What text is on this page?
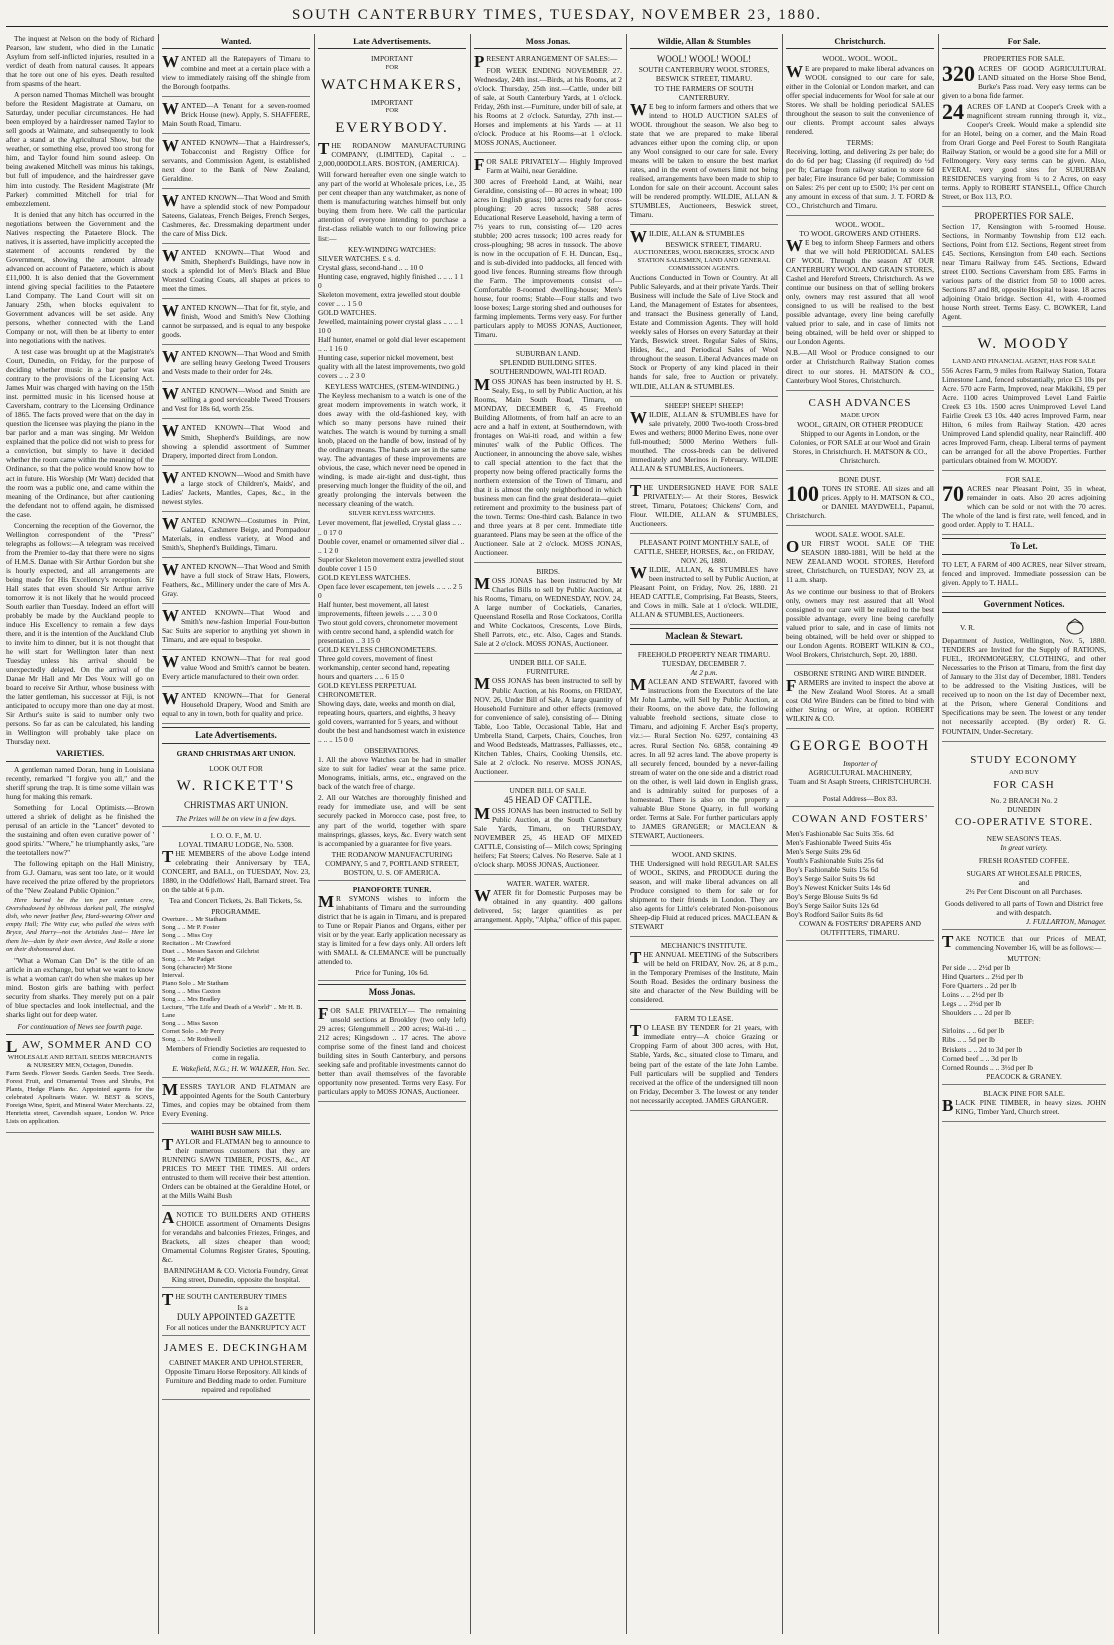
SOUTH CANTERBURY TIMES, TUESDAY, NOVEMBER 23, 1880.

The inquest at Nelson on the body of Richard Pearson, law student, who died in the Lunatic Asylum from self-inflicted injuries, resulted in a verdict of death from natural causes. It appears that he tore out one of his eyes. Death resulted from spasms of the heart.

A person named Thomas Mitchell was brought before the Resident Magistrate at Oamaru, on Saturday, under peculiar circumstances. He had been employed by a hairdresser named Taylor to sell goods at Waimate, and subsequently to look after a stand at the Agricultural Show, but the weather, or something else, proved too strong for him, and Taylor found him sound asleep. On being awakened Mitchell was minus his takings, but full of impudence, and the hairdresser gave him into custody. The Resident Magistrate (Mr Parker) committed Mitchell for trial for embezzlement.

It is denied that any hitch has occurred in the negotiations between the Government and the Natives respecting the Pataetere Block. The natives, it is asserted, have implicitly accepted the statement of accounts rendered by the Government, showing the amount already advanced on account of Pataetere, which is about £11,000. It is also denied that the Government intend giving special facilities to the Pataetere Land Company. The Land Court will sit on January 25th, when blocks equivalent to Government advances will be set aside. Any persons, whether connected with the Land Company or not, will then be at liberty to enter into negotiations with the natives.

A test case was brought up at the Magistrate's Court, Dunedin, on Friday, for the purpose of deciding whether music in a bar parlor was contrary to the provisions of the Licensing Act. James Muir was charged with having on the 15th inst. permitted music in his licensed house at Caversham, contrary to the Licensing Ordinance of 1865. The facts proved were that on the day in question the licensee was playing the piano in the bar parlor and a man was singing. Mr Weldon explained that the police did not wish to press for a conviction, but simply to have it decided whether the room came within the meaning of the Ordinance, so that the police would know how to act in future. His Worship (Mr Watt) decided that the room was a public one, and came within the meaning of the Ordinance, but after cautioning the defendant not to offend again, he dismissed the case.

Concerning the reception of the Governor, the Wellington correspondent of the "Press" telegraphs as follows:—A telegram was received from the Premier to-day that there were no signs of H.M.S. Danae with Sir Arthur Gordon but she is hourly expected, and all arrangements are being made for His Excellency's reception. Sir Hall states that even should Sir Arthur arrive tomorrow it is not likely that he would proceed South earlier than Tuesday. Indeed an effort will probably be made by the Auckland people to induce His Excellency to remain a few days there, and it is the intention of the Auckland Club to invite him to dinner, but it is not thought that he will start for Wellington later than next Tuesday unless his arrival should be unexpectedly delayed. On the arrival of the Danae Mr Hall and Mr Des Voux will go on board to receive Sir Arthur, whose business with the latter gentleman, his successor at Fiji, is not anticipated to occupy more than one day at most. Sir Arthur's suite is said to number only two persons. So far as can be calculated, his landing in Wellington will probably take place on Thursday next.

VARIETIES.

A gentleman named Doran, hung in Louisiana recently, remarked "I forgive you all," and the sheriff sprung the trap. It is time some villain was hung for making this remark.

Something for Local Optimists.—Brown uttered a shriek of delight as he finished the perusal of an article in the "Lancet" devoted to the sustaining and often even curative power of ' good spirits.' "Where," he triumphantly asks, "are the teetotallers now?"

The following epitaph on the Hall Ministry, from G.J. Oamaru, was sent too late, or it would have received the prize offered by the proprietors of the "New Zealand Public Opinion."

Here buried be the ten per centum crew, Overshadowed by oblivious darkest pall, The mingled dish, who never feather flew, Hard-wearing Oliver and empty Hall; The Witty cur, who pulled the wires with Bryce, And Harry—not the Aristides Just— Here let them lie—dain by their own device, And Rolle a stone on their dishonoured dust.

"What a Woman Can Do" is the title of an article in an exchange, but what we want to know is what a woman can't do when she makes up her mind. Boston girls are bathing with perfect security from sharks. They merely put on a pair of blue spectacles and look intellectual, and the sharks light out for deep water.

For continuation of News see fourth page.
LAW, SOMMER AND CO
WHOLESALE AND RETAIL SEEDS MERCHANTS & NURSERY MEN, Octagon, Dunedin.

Farm Seeds. Flower Seeds. Garden Seeds. Tree Seeds. Forest Fruit, and Ornamental Trees and Shrubs, Pot Plants, Hedge Plants &c. Appointed agents for the celebrated Apolinaris Water. W. BEST & SONS, Foreign Wine, Spirit, and Mineral Water Merchants. 22, Henrietta street, Cavendish square, London W. Price Lists on application.

Wanted.

WANTED all the Ratepayers of Timaru to combine and meet at a certain place with a view to immediately raising off the shingle from the Borough footpaths.

WANTED—A Tenant for a seven-roomed Brick House (new). Apply, S. SHAFFERE, Main South Road, Timaru.

WANTED KNOWN—That a Hairdresser's, Tobacconist and Registry Office for servants, and Commission Agent, is established next door to the Bank of New Zealand, Geraldine.

WANTED KNOWN—That Wood and Smith have a splendid stock of new Pompadour Sateens, Galateas, French Beiges, French Serges, Cashmeres, &c. Dressmaking department under the care of Miss Dick.

WANTED KNOWN—That Wood and Smith, Shepherd's Buildings, have now in stock a splendid lot of Men's Black and Blue Worsted Coating Coats, all shapes at prices to meet the times.

WANTED KNOWN—That for fit, style, and finish, Wood and Smith's New Clothing cannot be surpassed, and is equal to any bespoke goods.

WANTED KNOWN—That Wood and Smith are selling heavy Geelong Tweed Trousers and Vests made to their order for 24s.

WANTED KNOWN—Wood and Smith are selling a good serviceable Tweed Trousers and Vest for 18s 6d, worth 25s.

WANTED KNOWN—That Wood and Smith, Shepherd's Buildings, are now showing a splendid assortment of Summer Drapery, imported direct from London.

WANTED KNOWN—Wood and Smith have a large stock of Children's, Maids', and Ladies' Jackets, Mantles, Capes, &c., in the newest styles.

WANTED KNOWN—Costumes in Print, Galatea, Cashmere Beige, and Pompadour Materials, in endless variety, at Wood and Smith's, Shepherd's Buildings, Timaru.

WANTED KNOWN—That Wood and Smith have a full stock of Straw Hats, Flowers, Feathers, &c., Millinery under the care of Mrs A. Gray.

WANTED KNOWN—That Wood and Smith's new-fashion Imperial Four-button Sac Suits are superior to anything yet shown in Timaru, and are equal to bespoke.

WANTED KNOWN—That for real good value Wood and Smith's cannot be beaten. Every article manufactured to their own order.

WANTED KNOWN—That for General Household Drapery, Wood and Smith are equal to any in town, both for quality and price.

Late Advertisements.
GRAND CHRISTMAS ART UNION.
LOOK OUT FOR
W. RICKETT'S
CHRISTMAS ART UNION.
The Prizes will be on view in a few days.
I. O. O. F., M. U.
LOYAL TIMARU LODGE, No. 5308.

THE MEMBERS of the above Lodge intend celebrating their Anniversary by TEA, CONCERT, and BALL, on TUESDAY, Nov. 23, 1880, in the Oddfellows' Hall, Barnard street. Tea on the table at 6 p.m.

Tea and Concert Tickets, 2s. Ball Tickets, 5s.
PROGRAMME.
Overture.. .. Mr Statham
Song .. .. Mr P. Foster
Song .. .. Miss Coy
Recitation .. Mr Crawford
Duet .. .. Messrs Saxon and Gilchrist
Song .. .. Mr Padget
Song (character) Mr Stone
Interval.
Piano Solo .. Mr Statham
Song .. .. Miss Caxton
Song .. .. Mrs Bradley
Lecture, "The Life and Death of a World" .. Mr H. B. Lane
Song .. .. Miss Saxon
Cornet Solo .. Mr Perry
Song .. .. Mr Rothwell

Members of Friendly Societies are requested to come in regalia.

E. Wakefield, N.G.; H. W. WALKER, Hon. Sec.

MESSRS TAYLOR AND FLATMAN are appointed Agents for the South Canterbury Times, and copies may be obtained from them Every Evening.

WAIHI BUSH SAW MILLS.

TAYLOR and FLATMAN beg to announce to their numerous customers that they are RUNNING SAWN TIMBER, POSTS, &c., AT PRICES TO MEET THE TIMES. All orders entrusted to them will receive their best attention. Orders can be obtained at the Geraldine Hotel, or at the Mills Waihi Bush

ANOTICE TO BUILDERS AND OTHERS CHOICE assortment of Ornaments Designs for verandahs and balconies Friezes, Fringes, and Brackets, all sizes cheaper than wood; Ornamental Columns Register Grates, Spouting, &c.

BARNINGHAM & CO. Victoria Foundry, Great King street, Dunedin, opposite the hospital.

THE SOUTH CANTERBURY TIMES

Is a
DULY APPOINTED GAZETTE
For all notices under the BANKRUPTCY ACT
JAMES E. DECKINGHAM

CABINET MAKER AND UPHOLSTERER, Opposite Timaru Horse Repository. All kinds of Furniture and Bedding made to order. Furniture repaired and repolished

Late Advertisements.
IMPORTANT
FOR
WATCHMAKERS,
IMPORTANT
FOR
EVERYBODY.

THE RODANOW MANUFACTURING COMPANY, (LIMITED), Capital .. .. 2,000,000DOLLARS. BOSTON, (AMERICA).

Will forward hereafter even one single watch to any part of the world at Wholesale prices, i.e., 35 per cent cheaper than any watchmaker, as none of them is manufacturing watches himself but only buying them from here. We call the particular attention of everyone intending to purchase a first-class reliable watch to our following price list:—

KEY-WINDING WATCHES:
SILVER WATCHES. £ s. d.
Crystal glass, second-hand .. .. 10 0
Hunting case, engraved, highly finished .. .. .. 1 1 0
Skeleton movement, extra jewelled stout double cover .. .. 1 5 0
GOLD WATCHES.
Jewelled, maintaining power crystal glass .. .. .. 1 10 0
Half hunter, enamel or gold dial lever escapement .. .. 1 16 0
Hunting case, superior nickel movement, best quality with all the latest improvements, two gold covers .. .. 2 3 0
KEYLESS WATCHES, (STEM-WINDING.)

The Keyless mechanism to a watch is one of the great modern improvements in watch work, it does away with the old-fashioned key, with which so many persons have ruined their watches. The watch is wound by turning a small knob, placed on the handle of bow, instead of by the ordinary means. The hands are set in the same way. The advantages of these improvements are obvious, the case, which never need be opened in winding, is made air-tight and dust-tight, thus preserving much longer the fluidity of the oil, and greatly prolonging the intervals between the necessary cleaning of the watch.

SILVER KEYLESS WATCHES.
Lever movement, flat jewelled, Crystal glass .. .. .. 0 17 0
Double cover, enamel or ornamented silver dial .. .. 1 2 0
Superior Skeleton movement extra jewelled stout double cover 1 15 0
GOLD KEYLESS WATCHES.
Open face lever escapement, ten jewels .. .. .. 2 5 0
Half hunter, best movement, all latest improvements, fifteen jewels .. .. .. 3 0 0
Two stout gold covers, chronometer movement with centre second hand, a splendid watch for presentation .. 3 15 0
GOLD KEYLESS CHRONOMETERS.
Three gold covers, movement of finest workmanship, center second hand, repeating hours and quarters .. .. 6 15 0
GOLD KEYLESS PERPETUAL CHRONOMETER.
Showing days, date, weeks and month on dial, repeating hours, quarters, and eighths, 3 heavy gold covers, warranted for 5 years, and without doubt the best and handsomest watch in existence .. .. .. 15 0 0
OBSERVATIONS.

1. All the above Watches can be had in smaller size to suit for ladies' wear at the same price. Monograms, initials, arms, etc., engraved on the back of the watch free of charge.

2. All our Watches are thoroughly finished and ready for immediate use, and will be sent securely packed in Morocco case, post free, to any part of the world, together with spare mainsprings, glasses, keys, &c. Every watch sent is accompanied by a guarantee for five years.

THE RODANOW MANUFACTURING COMPANY, 5 and 7, PORTLAND STREET, BOSTON, U. S. OF AMERICA.
PIANOFORTE TUNER.

M R SYMONS wishes to inform the inhabitants of Timaru and the surrounding district that he is again in Timaru, and is prepared to Tune or Repair Pianos and Organs, either per visit or by the year. Early application necessary as stay is limited for a few days only. All orders left with SMALL & CLEMANCE will be punctually attended to.

Price for Tuning, 10s 6d.
Moss Jonas.

FOR SALE PRIVATELY— The remaining unsold sections at Brookley (two only left) 29 acres; Glengummell .. 200 acres; Wai-iti .. .. 212 acres; Kingsdown .. 17 acres. The above comprise some of the finest land and choicest building sites in South Canterbury, and persons seeking safe and profitable investments cannot do better than avail themselves of the favorable opportunity now presented. Terms very Easy. For particulars apply to MOSS JONAS, Auctioneer.

Moss Jonas.

PRESENT ARRANGEMENT OF SALES:—

FOR WEEK ENDING NOVEMBER 27. Wednesday, 24th inst.—Birds, at his Rooms, at 2 o'clock. Thursday, 25th inst.—Cattle, under bill of sale, at South Canterbury Yards, at 1 o'clock. Friday, 26th inst.—Furniture, under bill of sale, at his Rooms at 2 o'clock. Saturday, 27th inst.—Horses and implements at his Yards — at 11 o'clock. Produce at his Rooms—at 1 o'clock. MOSS JONAS, Auctioneer.

FOR SALE PRIVATELY— Highly Improved Farm at Waihi, near Geraldine.

300 acres of Freehold Land, at Waihi, near Geraldine, consisting of— 80 acres in wheat; 100 acres in English grass; 100 acres ready for cross-ploughing; 20 acres tussock; 588 acres Educational Reserve Leasehold, having a term of 7½ years to run, consisting of— 120 acres stubble; 200 acres tussock; 100 acres ready for cross-ploughing; 98 acres in tussock. The above is now in the occupation of F. H. Duncan, Esq., and is sub-divided into paddocks, all fenced with good live fences. Running streams flow through the Farm. The improvements consist of— Comfortable 8-roomed dwelling-house; Men's house, four rooms; Stable—Four stalls and two loose boxes; Large storing shed and outhouses for farming implements. Terms very easy. For further particulars apply to MOSS JONAS, Auctioneer, Timaru.

SUBURBAN LAND.
SPLENDID BUILDING SITES.
SOUTHERNDOWN, WAI-ITI ROAD.

MOSS JONAS has been instructed by H. S. Sealy, Esq., to sell by Public Auction, at his Rooms, Main South Road, Timaru, on MONDAY, DECEMBER 6, 45 Freehold Building Allotments, of from half an acre to an acre and a half in extent, at Southerndown, with frontages on Wai-iti road, and within a few minutes' walk of the Public Offices. The Auctioneer, in announcing the above sale, wishes to call special attention to the fact that the property now being offered practically forms the northern extension of the Town of Timaru, and that it is almost the only neighborhood in which business men can find the great desiderata—quiet retirement and proximity to the business part of the town. Terms: One-third cash. Balance in two and three years at 8 per cent. Immediate title guaranteed. Plans may be seen at the office of the Auctioneer. Sale at 2 o'clock. MOSS JONAS, Auctioneer.

BIRDS.

MOSS JONAS has been instructed by Mr Charles Bills to sell by Public Auction, at his Rooms, Timaru, on WEDNESDAY, NOV. 24, A large number of Cockatiels, Canaries, Queensland Rosella and Rose Cockatoos, Corilla and White Cockatoos, Crescents, Love Birds, Shell Parrots, etc., etc. Also, Cages and Stands. Sale at 2 o'clock. MOSS JONAS, Auctioneer.

UNDER BILL OF SALE.
FURNITURE.

MOSS JONAS has been instructed to sell by Public Auction, at his Rooms, on FRIDAY, NOV. 26, Under Bill of Sale, A large quantity of Household Furniture and other effects (removed for convenience of sale), consisting of— Dining Table, Loo Table, Occasional Table, Hat and Umbrella Stand, Carpets, Chairs, Couches, Iron and Wood Bedsteads, Mattrasses, Palliasses, etc., Kitchen Tables, Chairs, Cooking Utensils, etc. Sale at 2 o'clock. No reserve. MOSS JONAS, Auctioneer.

UNDER BILL OF SALE.
45 HEAD OF CATTLE.

MOSS JONAS has been instructed to Sell by Public Auction, at the South Canterbury Sale Yards, Timaru, on THURSDAY, NOVEMBER 25, 45 HEAD OF MIXED CATTLE, Consisting of— Milch cows; Springing heifers; Fat Steers; Calves. No Reserve. Sale at 1 o'clock sharp. MOSS JONAS, Auctioneer.

WATER. WATER. WATER.

WATER fit for Domestic Purposes may be obtained in any quantity. 400 gallons delivered, 5s; larger quantities as per arrangement. Apply, "Alpha," office of this paper.

Wildie, Allan & Stumbles
WOOL! WOOL! WOOL!
SOUTH CANTERBURY WOOL STORES, BESWICK STREET, TIMARU.
TO THE FARMERS OF SOUTH CANTERBURY.

W E beg to inform farmers and others that we intend to HOLD AUCTION SALES of WOOL throughout the season. We also beg to state that we are prepared to make liberal advances either upon the coming clip, or upon any Wool consigned to our care for sale. Every means will be taken to ensure the best market rates, and in the event of owners limit not being realised, arrangements have been made to ship to London for sale on their account. Account sales will be rendered promptly. WILDIE, ALLAN & STUMBLES, Auctioneers, Beswick street, Timaru.

WILDIE, ALLAN & STUMBLES

BESWICK STREET, TIMARU.
AUCTIONEERS, WOOL BROKERS, STOCK AND STATION SALESMEN, LAND AND GENERAL COMMISSION AGENTS.

Auctions Conducted in Town or Country. At all Public Saleyards, and at their private Yards. Their Business will include the Sale of Live Stock and Land, the Management of Estates for absentees, and transact the Business generally of Land, Estate and Commission Agents. They will hold weekly sales of Horses on every Saturday at their Yards, Beswick street. Regular Sales of Skins, Hides, &c., and Periodical Sales of Wool throughout the season. Liberal Advances made on Stock or Property of any kind placed in their hands for sale, free to Auction or privately. WILDIE, ALLAN & STUMBLES.

SHEEP! SHEEP! SHEEP!

WILDIE, ALLAN & STUMBLES have for sale privately, 2000 Two-tooth Cross-bred Ewes and wethers; 8000 Merino Ewes, none over full-mouthed; 5000 Merino Wethers full-mouthed. The cross-breds can be delivered immediately and Merinos in February. WILDIE ALLAN & STUMBLES, Auctioneers.

THE UNDERSIGNED HAVE FOR SALE PRIVATELY:— At their Stores, Beswick street, Timaru, Potatoes; Chickens' Corn, and Flour. WILDIE, ALLAN & STUMBLES, Auctioneers.

PLEASANT POINT MONTHLY SALE, of CATTLE, SHEEP, HORSES, &c., on FRIDAY, NOV. 26, 1880.

WILDIE, ALLAN, & STUMBLES have been instructed to sell by Public Auction, at Pleasant Point, on Friday, Nov. 26, 1880. 21 HEAD CATTLE, Comprising, Fat Beasts, Steers, and Cows in milk. Sale at 1 o'clock. WILDIE, ALLAN & STUMBLES, Auctioneers.

Maclean & Stewart.
FREEHOLD PROPERTY NEAR TIMARU.
TUESDAY, DECEMBER 7.
At 2 p.m.

MACLEAN AND STEWART, favored with instructions from the Executors of the late Mr John Lambe, will Sell by Public Auction, at their Rooms, on the above date, the following valuable freehold sections, situate close to Timaru, and adjoining F. Archer Esq's property, viz.:— Rural Section No. 6297, containing 43 acres. Rural Section No. 6858, containing 49 acres. In all 92 acres land. The above property is all securely fenced, bounded by a never-failing stream of water on the one side and a district road on the other, is well laid down in English grass, and is admirably suited for purposes of a homestead. There is also on the property a valuable Blue Stone Quarry, in full working order. Terms at Sale. For further particulars apply to JAMES GRANGER; or MACLEAN & STEWART, Auctioneers.

WOOL AND SKINS.

THE Undersigned will hold REGULAR SALES of WOOL, SKINS, and PRODUCE during the season, and will make liberal advances on all Produce consigned to them for sale or for shipment to their friends in London. They are also agents for Little's celebrated Non-poisonous Sheep-dip Fluid at reduced prices. MACLEAN & STEWART

MECHANIC'S INSTITUTE.

THE ANNUAL MEETING of the Subscribers will be held on FRIDAY, Nov. 26, at 8 p.m., in the Temporary Premises of the Institute, Main South Road. Besides the ordinary business the site and character of the New Building will be considered.

FARM TO LEASE.

T O LEASE BY TENDER for 21 years, with immediate entry—A choice Grazing or Cropping Farm of about 300 acres, with Hut, Stable, Yards, &c., situated close to Timaru, and being part of the estate of the late John Lambe. Full particulars will be supplied and Tenders received at the office of the undersigned till noon on Friday, December 3. The lowest or any tender not necessarily accepted. JAMES GRANGER.

Christchurch.
WOOL. WOOL. WOOL.

W E are prepared to make liberal advances on WOOL consigned to our care for sale, either in the Colonial or London market, and can offer special inducements for Wool for sale at our Stores. We shall be holding periodical SALES throughout the season to suit the convenience of our clients. Prompt account sales always rendered.

TERMS:

Receiving, lotting, and delivering 2s per bale; do do do 6d per bag; Classing (if required) do ½d per fb; Cartage from railway station to store 6d per bale; Fire insurance 6d per bale; Commission on Sales: 2½ per cent up to £500; 1¼ per cent on any amount in excess of that sum. J. T. FORD & CO., Christchurch and Timaru.

WOOL. WOOL.
TO WOOL GROWERS AND OTHERS.

W E beg to inform Sheep Farmers and others that we will hold PERIODICAL SALES OF WOOL Through the season AT OUR CANTERBURY WOOL AND GRAIN STORES, Cashel and Hereford Streets, Christchurch. As we continue our business on that of selling brokers only, owners may rest assured that all wool consigned to us will be realised to the best possible advantage, every line being carefully valued prior to sale, and in case of limits not being obtained, will be held over or shipped to our London Agents.

N.B.—All Wool or Produce consigned to our order at Christchurch Railway Station comes direct to our stores. H. MATSON & CO., Canterbury Wool Stores, Christchurch.

CASH ADVANCES
MADE UPON

WOOL, GRAIN, OR OTHER PRODUCE Shipped to our Agents in London, or the Colonies, or FOR SALE at our Wool and Grain Stores, in Christchurch. H. MATSON & CO., Christchurch.

BONE DUST.

100 TONS IN STORE. All sizes and all prices. Apply to H. MATSON & CO., or DANIEL MAYDWELL, Papanui, Christchurch.

WOOL SALE. WOOL SALE.

OUR FIRST WOOL SALE OF THE SEASON 1880-1881, Will be held at the NEW ZEALAND WOOL STORES, Hereford street, Christchurch, on TUESDAY, NOV 23, at 11 a.m. sharp.

As we continue our business to that of Brokers only, owners may rest assured that all Wool consigned to our care will be realized to the best possible advantage, every line being carefully valued prior to sale, and in case of limits not being obtained, will be held over or shipped to our London Agents. ROBERT WILKIN & CO., Wool Brokers, Christchurch, Sept. 20, 1880.

OSBORNE STRING AND WIRE BINDER.

FARMERS are invited to inspect the above at the New Zealand Wool Stores. At a small cost Old Wire Binders can be fitted to bind with either String or Wire, at option. ROBERT WILKIN & CO.

GEORGE BOOTH
Importer of
AGRICULTURAL MACHINERY,
Tuam and St Asaph Streets, CHRISTCHURCH.
Postal Address—Box 83.
COWAN AND FOSTERS'
Men's Fashionable Sac Suits 35s. 6d
Men's Fashionable Tweed Suits 45s
Men's Serge Suits 29s 6d
Youth's Fashionable Suits 25s 6d
Boy's Fashionable Suits 15s 6d
Boy's Serge Sailor Suits 9s 6d
Boy's Newest Knicker Suits 14s 6d
Boy's Serge Blouse Suits 9s 6d
Boy's Serge Sailor Suits 12s 6d
Boy's Rodford Sailor Suits 8s 6d
COWAN & FOSTERS' DRAPERS AND OUTFITTERS, TIMARU.
For Sale.
PROPERTIES FOR SALE.

320 ACRES OF GOOD AGRICULTURAL LAND situated on the Horse Shoe Bend, Burke's Pass road. Very easy terms can be given to a bona fide farmer.

24 ACRES OF LAND at Cooper's Creek with a magnificent stream running through it, viz., Cooper's Creek. Would make a splendid site for an Hotel, being on a corner, and the Main Road from Orari Gorge and Peel Forest to South Rangitata Railway Station, or would be a good site for a Mill or Fellmongery. Very easy terms can be given. Also, EVERAL very good sites for SUBURBAN RESIDENCES varying from ¼ to 2 Acres, on easy terms. Apply to ROBERT STANSELL, Office Church Street, or Box 113, P.O.

PROPERTIES FOR SALE.

Section 17, Kensington with 5-roomed House. Sections, in Normanby Township from £12 each. Sections, Point from £12. Sections, Regent street from £45. Sections, Kensington from £40 each. Sections near Timaru Railway from £45. Sections, Edward street £100. Sections Caversham from £85. Farms in various parts of the district from 50 to 1000 acres. Sections 87 and 88, opposite Hospital to lease. 18 acres adjoining Otaio bridge. Section 41, with 4-roomed house North street. Terms Easy. C. BOWKER, Land Agent.

W. MOODY
LAND AND FINANCIAL AGENT, HAS FOR SALE

556 Acres Farm, 9 miles from Railway Station, Totara Limestone Land, fenced substantially, price £3 10s per Acre. 570 acre Farm, Improved, near Makikihi, £9 per Acre. 1100 acres Unimproved Level Land Fairlie Creek £3 10s. 1500 acres Unimproved Level Land Fairlie Creek £3 10s. 440 acres Improved Farm, near Hilton, 6 miles from Railway Station. 420 acres Unimproved Land splendid quality, near Raincliff. 400 acres Improved Farm, cheap. Liberal terms of payment can be arranged for all the above Properties. Further particulars obtained from W. MOODY.

FOR SALE.

70 ACRES near Pleasant Point, 35 in wheat, remainder in oats. Also 20 acres adjoining which can be sold or not with the 70 acres. The whole of the land is first rate, well fenced, and in good order. Apply to T. HALL.

To Let.

TO LET, A FARM of 400 ACRES, near Silver stream, fenced and improved. Immediate possession can be given. Apply to T. HALL.

Government Notices.
V. R.

Department of Justice, Wellington, Nov. 5, 1880. TENDERS are Invited for the Supply of RATIONS, FUEL, IRONMONGERY, CLOTHING, and other Necessaries to the Prison at Timaru, from the first day of January to the 31st day of December, 1881. Tenders to be addressed to the Visiting Justices, will be received up to noon on the 1st day of December next, at the Prison, where General Conditions and Specifications may be seen. The lowest or any tender not necessarily accepted. (By order) R. G. FOUNTAIN, Under-Secretary.

STUDY ECONOMY
AND BUY
FOR CASH
No. 2 BRANCH No. 2
DUNEDIN
CO-OPERATIVE STORE.
NEW SEASON'S TEAS.
In great variety.
FRESH ROASTED COFFEE.
SUGARS AT WHOLESALE PRICES,
and
2½ Per Cent Discount on all Purchases.
Goods delivered to all parts of Town and District free and with despatch.
J. FULLARTON, Manager.

TAKE NOTICE that our Prices of MEAT, commencing November 16, will be as follows:—

MUTTON:
Per side .. .. 2½d per lb
Hind Quarters .. 2½d per lb
Fore Quarters .. 2d per lb
Loins .. .. 2½d per lb
Legs .. .. 2½d per lb
Shoulders .. .. 2d per lb
BEEF:
Sirloins .. .. 6d per lb
Ribs .. .. 5d per lb
Briskets .. .. 2d to 3d per lb
Corned beef .. .. 3d per lb
Corned Rounds .. .. 3½d per lb
PEACOCK & GRANEY.
BLACK PINE FOR SALE.

BLACK PINE TIMBER, in heavy sizes. JOHN KING, Timber Yard, Church street.
